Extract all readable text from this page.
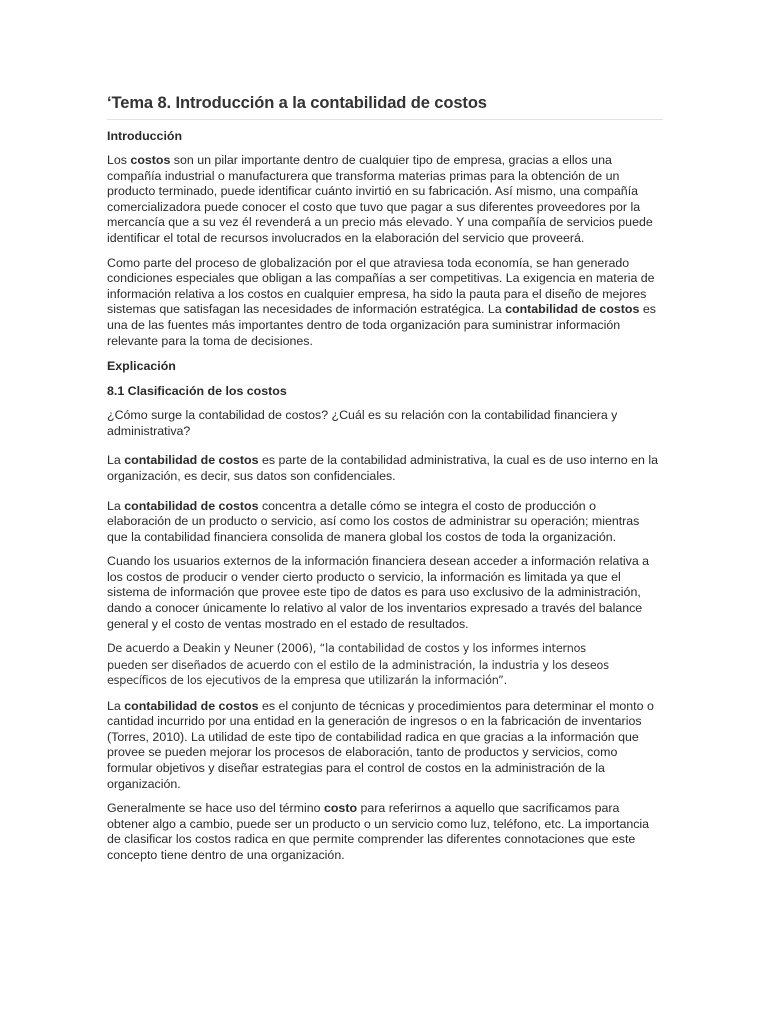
‘Tema 8. Introducción a la contabilidad de costos

Introducción

Los costos son un pilar importante dentro de cualquier tipo de empresa, gracias a ellos una compañía industrial o manufacturera que transforma materias primas para la obtención de un producto terminado, puede identificar cuánto invirtió en su fabricación. Así mismo, una compañía comercializadora puede conocer el costo que tuvo que pagar a sus diferentes proveedores por la mercancía que a su vez él revenderá a un precio más elevado. Y una compañía de servicios puede identificar el total de recursos involucrados en la elaboración del servicio que proveerá.

Como parte del proceso de globalización por el que atraviesa toda economía, se han generado condiciones especiales que obligan a las compañías a ser competitivas. La exigencia en materia de información relativa a los costos en cualquier empresa, ha sido la pauta para el diseño de mejores sistemas que satisfagan las necesidades de información estratégica. La contabilidad de costos es una de las fuentes más importantes dentro de toda organización para suministrar información relevante para la toma de decisiones.

Explicación

8.1 Clasificación de los costos

¿Cómo surge la contabilidad de costos? ¿Cuál es su relación con la contabilidad financiera y administrativa?

La contabilidad de costos es parte de la contabilidad administrativa, la cual es de uso interno en la organización, es decir, sus datos son confidenciales.

La contabilidad de costos concentra a detalle cómo se integra el costo de producción o elaboración de un producto o servicio, así como los costos de administrar su operación; mientras que la contabilidad financiera consolida de manera global los costos de toda la organización.

Cuando los usuarios externos de la información financiera desean acceder a información relativa a los costos de producir o vender cierto producto o servicio, la información es limitada ya que el sistema de información que provee este tipo de datos es para uso exclusivo de la administración, dando a conocer únicamente lo relativo al valor de los inventarios expresado a través del balance general y el costo de ventas mostrado en el estado de resultados.

De acuerdo a Deakin y Neuner (2006), “la contabilidad de costos y los informes internos
pueden ser diseñados de acuerdo con el estilo de la administración, la industria y los deseos
específicos de los ejecutivos de la empresa que utilizarán la información”.

La contabilidad de costos es el conjunto de técnicas y procedimientos para determinar el monto o cantidad incurrido por una entidad en la generación de ingresos o en la fabricación de inventarios (Torres, 2010). La utilidad de este tipo de contabilidad radica en que gracias a la información que provee se pueden mejorar los procesos de elaboración, tanto de productos y servicios, como formular objetivos y diseñar estrategias para el control de costos en la administración de la organización.

Generalmente se hace uso del término costo para referirnos a aquello que sacrificamos para obtener algo a cambio, puede ser un producto o un servicio como luz, teléfono, etc. La importancia de clasificar los costos radica en que permite comprender las diferentes connotaciones que este concepto tiene dentro de una organización.
